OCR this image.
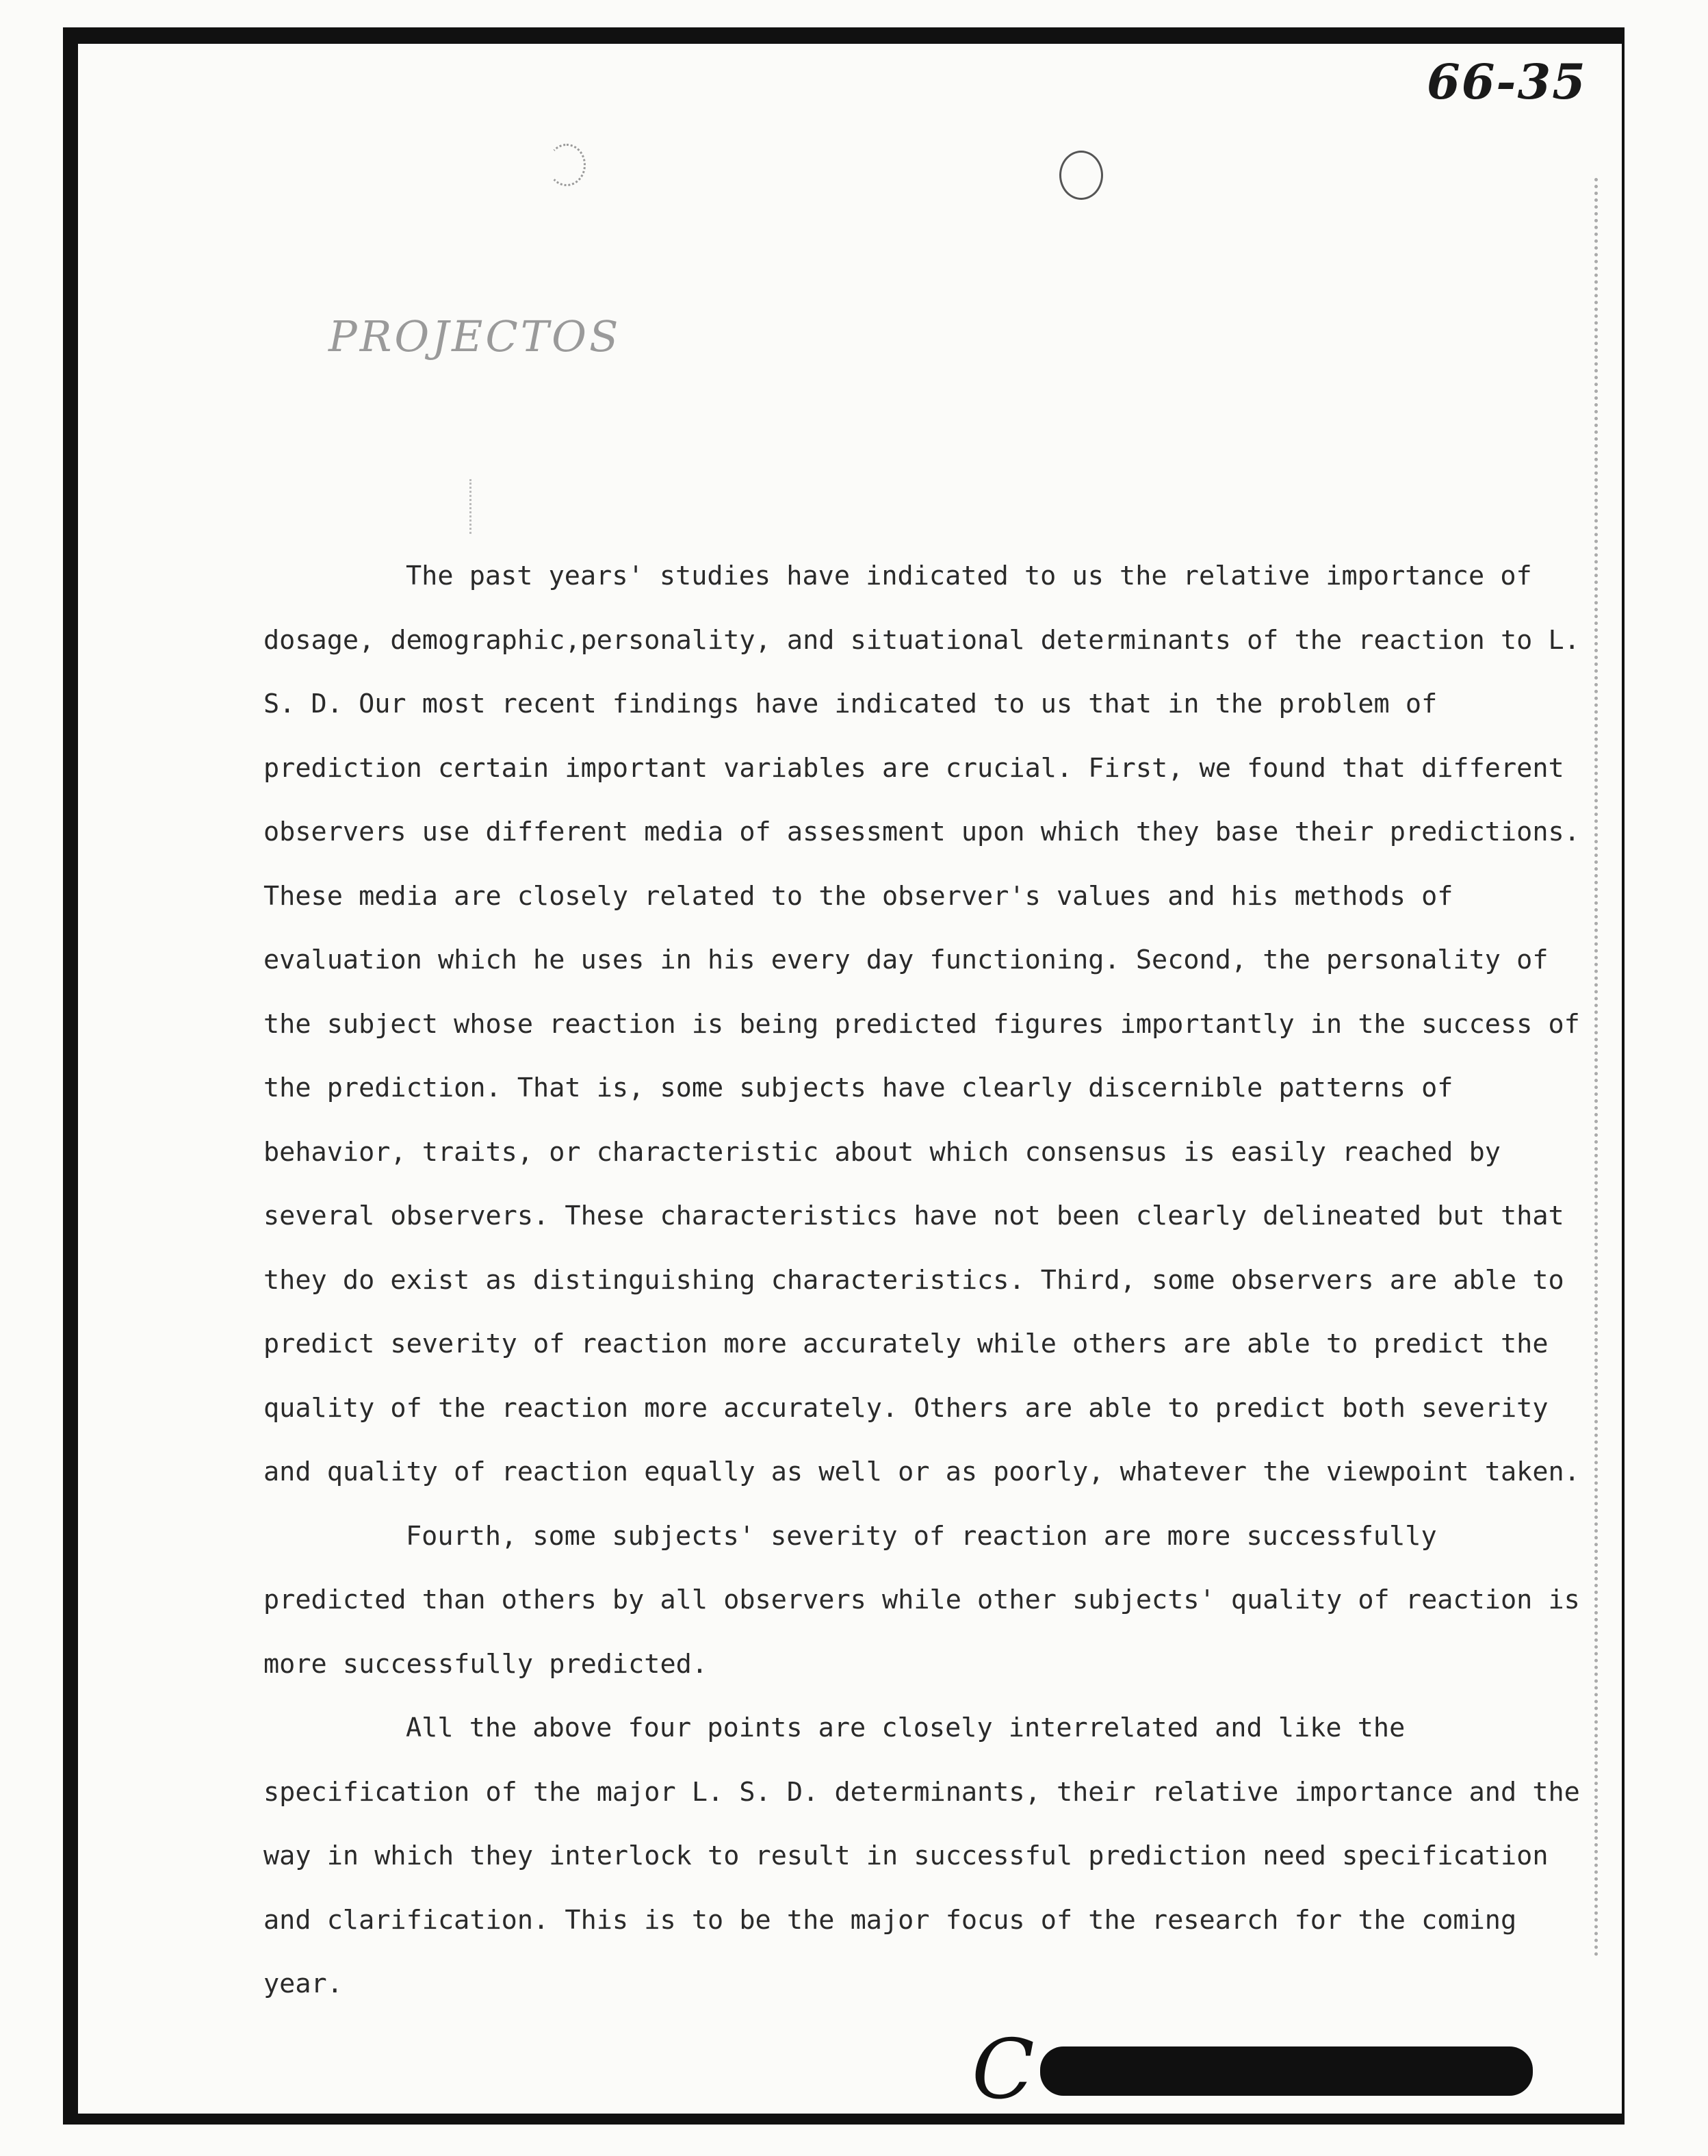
66-35
PROJECTOS

The past years' studies have indicated to us the relative importance of dosage, demographic,personality, and situational determinants of the reaction to L. S. D. Our most recent findings have indicated to us that in the problem of prediction certain important variables are crucial. First, we found that different observers use different media of assessment upon which they base their predictions. These media are closely related to the observer's values and his methods of evaluation which he uses in his every day functioning. Second, the personality of the subject whose reaction is being predicted figures importantly in the success of the prediction. That is, some subjects have clearly discernible patterns of behavior, traits, or characteristic about which consensus is easily reached by several observers. These characteristics have not been clearly delineated but that they do exist as distinguishing characteristics. Third, some observers are able to predict severity of reaction more accurately while others are able to predict the quality of the reaction more accurately. Others are able to predict both severity and quality of reaction equally as well or as poorly, whatever the viewpoint taken.

Fourth, some subjects' severity of reaction are more successfully predicted than others by all observers while other subjects' quality of reaction is more successfully predicted.

All the above four points are closely interrelated and like the specification of the major L. S. D. determinants, their relative importance and the way in which they interlock to result in successful prediction need specification and clarification. This is to be the major focus of the research for the coming year.

C
